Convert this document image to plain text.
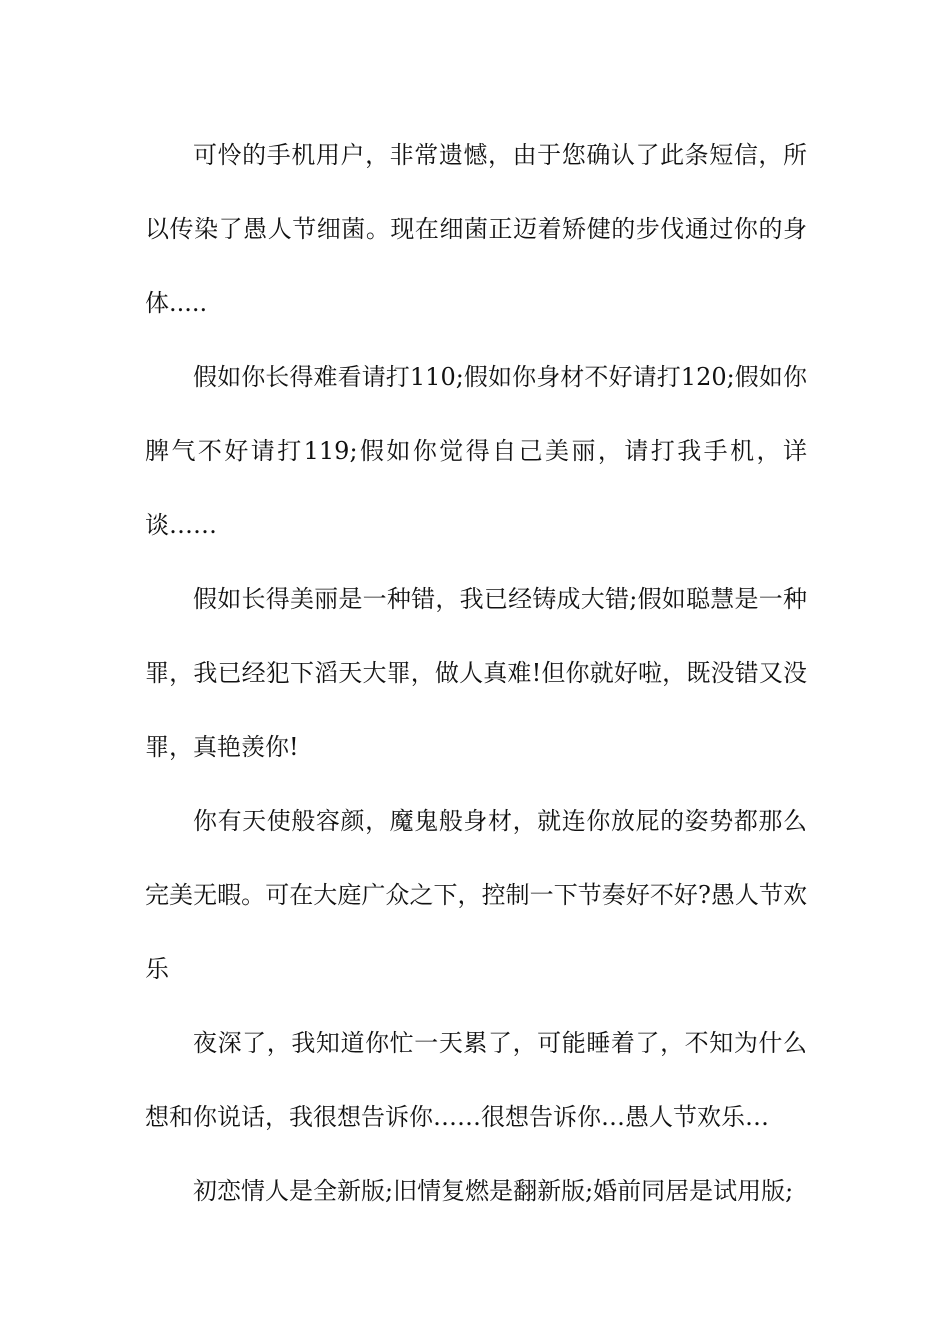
可怜的手机用户，非常遗憾，由于您确认了此条短信，所以传染了愚人节细菌。现在细菌正迈着矫健的步伐通过你的身体.....

假如你长得难看请打110;假如你身材不好请打120;假如你脾气不好请打119;假如你觉得自己美丽，请打我手机，详谈……

假如长得美丽是一种错，我已经铸成大错;假如聪慧是一种罪，我已经犯下滔天大罪，做人真难!但你就好啦，既没错又没罪，真艳羡你!

你有天使般容颜，魔鬼般身材，就连你放屁的姿势都那么完美无暇。可在大庭广众之下，控制一下节奏好不好?愚人节欢乐

夜深了，我知道你忙一天累了，可能睡着了，不知为什么想和你说话，我很想告诉你……很想告诉你…愚人节欢乐…

初恋情人是全新版;旧情复燃是翻新版;婚前同居是试用版;
